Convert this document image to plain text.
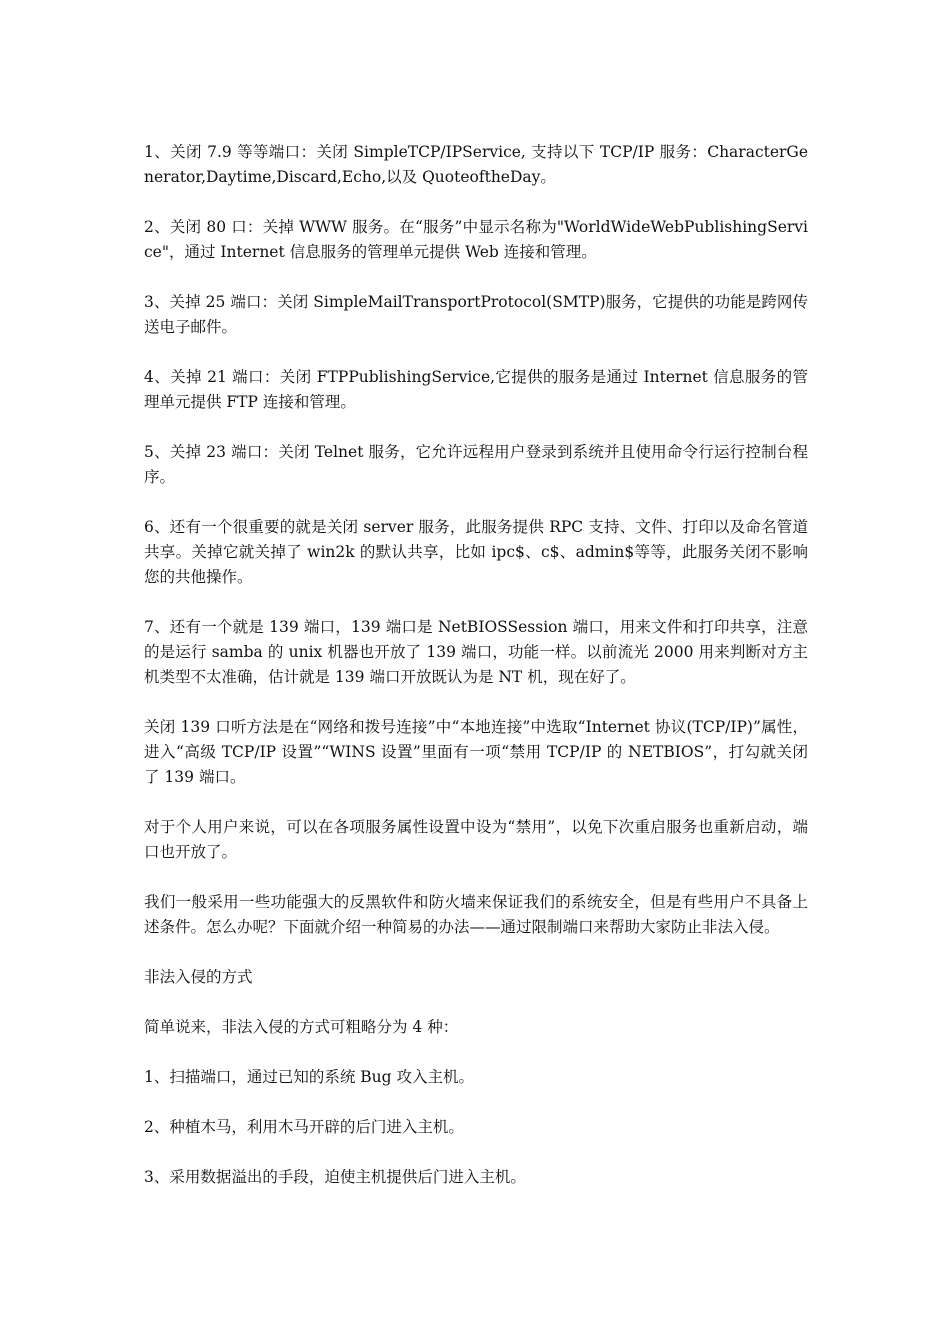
1、关闭 7.9 等等端口：关闭 SimpleTCP/IPService, 支持以下 TCP/IP 服务：CharacterGenerator,Daytime,Discard,Echo,以及 QuoteoftheDay。

2、关闭 80 口：关掉 WWW 服务。在“服务”中显示名称为"WorldWideWebPublishingService"，通过 Internet 信息服务的管理单元提供 Web 连接和管理。

3、关掉 25 端口：关闭 SimpleMailTransportProtocol(SMTP)服务，它提供的功能是跨网传送电子邮件。

4、关掉 21 端口：关闭 FTPPublishingService,它提供的服务是通过 Internet 信息服务的管理单元提供 FTP 连接和管理。

5、关掉 23 端口：关闭 Telnet 服务，它允许远程用户登录到系统并且使用命令行运行控制台程序。

6、还有一个很重要的就是关闭 server 服务，此服务提供 RPC 支持、文件、打印以及命名管道共享。关掉它就关掉了 win2k 的默认共享，比如 ipc$、c$、admin$等等，此服务关闭不影响您的共他操作。

7、还有一个就是 139 端口，139 端口是 NetBIOSSession 端口，用来文件和打印共享，注意的是运行 samba 的 unix 机器也开放了 139 端口，功能一样。以前流光 2000 用来判断对方主机类型不太准确，估计就是 139 端口开放既认为是 NT 机，现在好了。

关闭 139 口听方法是在“网络和拨号连接”中“本地连接”中选取“Internet 协议(TCP/IP)”属性，进入“高级 TCP/IP 设置”“WINS 设置”里面有一项“禁用 TCP/IP 的 NETBIOS”，打勾就关闭了 139 端口。

对于个人用户来说，可以在各项服务属性设置中设为“禁用”，以免下次重启服务也重新启动，端口也开放了。

我们一般采用一些功能强大的反黑软件和防火墙来保证我们的系统安全，但是有些用户不具备上述条件。怎么办呢？下面就介绍一种简易的办法——通过限制端口来帮助大家防止非法入侵。

非法入侵的方式

简单说来，非法入侵的方式可粗略分为 4 种：

1、扫描端口，通过已知的系统 Bug 攻入主机。

2、种植木马，利用木马开辟的后门进入主机。

3、采用数据溢出的手段，迫使主机提供后门进入主机。
